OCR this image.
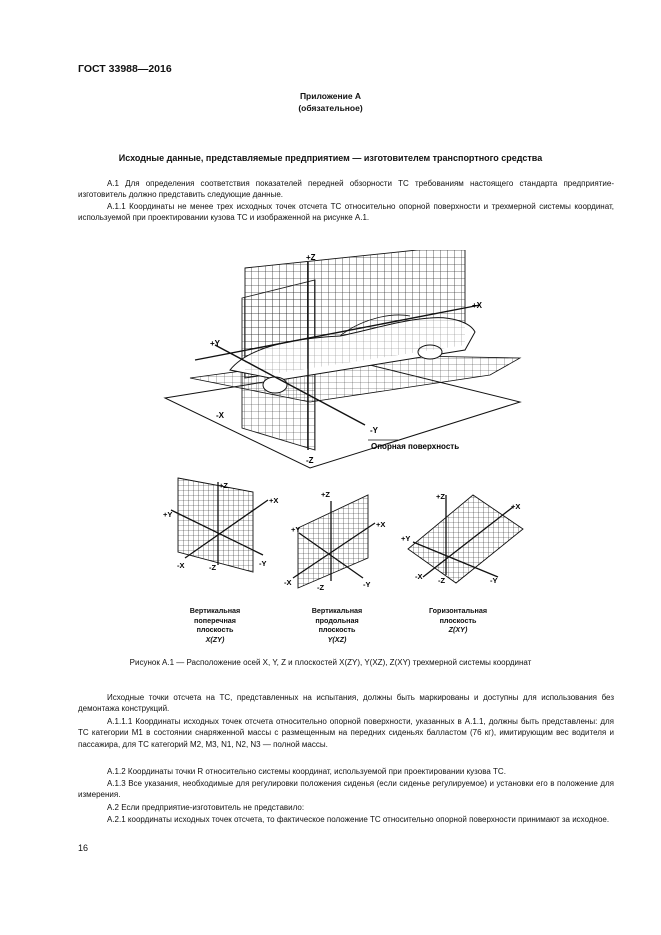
ГОСТ 33988—2016
Приложение А
(обязательное)
Исходные данные, представляемые предприятием — изготовителем транспортного средства
А.1 Для определения соответствия показателей передней обзорности ТС требованиям настоящего стандарта предприятие-изготовитель должно представить следующие данные.
А.1.1 Координаты не менее трех исходных точек отсчета ТС относительно опорной поверхности и трехмерной системы координат, используемой при проектировании кузова ТС и изображенной на рисунке А.1.
+Z
-Z
+X
-X
+Y
-Y
Опорная поверхность
+Z
+X
+Y
-X	-Z	-Y
+Z
+X
+Y
-X
-Z	-Y
+Z
+X
+Y
-X -Z	-Y
Вертикальная
поперечная
плоскость
X(ZY)
Вертикальная
продольная
плоскость
Y(XZ)
Горизонтальная
плоскость
Z(XY)
Рисунок А.1 — Расположение осей X, Y, Z и плоскостей X(ZY), Y(XZ), Z(XY) трехмерной системы координат
Исходные точки отсчета на ТС, представленных на испытания, должны быть маркированы и доступны для использования без демонтажа конструкций.
А.1.1.1 Координаты исходных точек отсчета относительно опорной поверхности, указанных в А.1.1, должны быть представлены: для ТС категории М1 в состоянии снаряженной массы с размещенным на передних сиденьях балластом (76 кг), имитирующим вес водителя и пассажира, для ТС категорий М2, М3, N1, N2, N3 — полной массы.
А.1.2 Координаты точки R относительно системы координат, используемой при проектировании кузова ТС.
А.1.3 Все указания, необходимые для регулировки положения сиденья (если сиденье регулируемое) и установки его в положение для измерения.
А.2 Если предприятие-изготовитель не представило:
А.2.1 координаты исходных точек отсчета, то фактическое положение ТС относительно опорной поверхности принимают за исходное.
16
